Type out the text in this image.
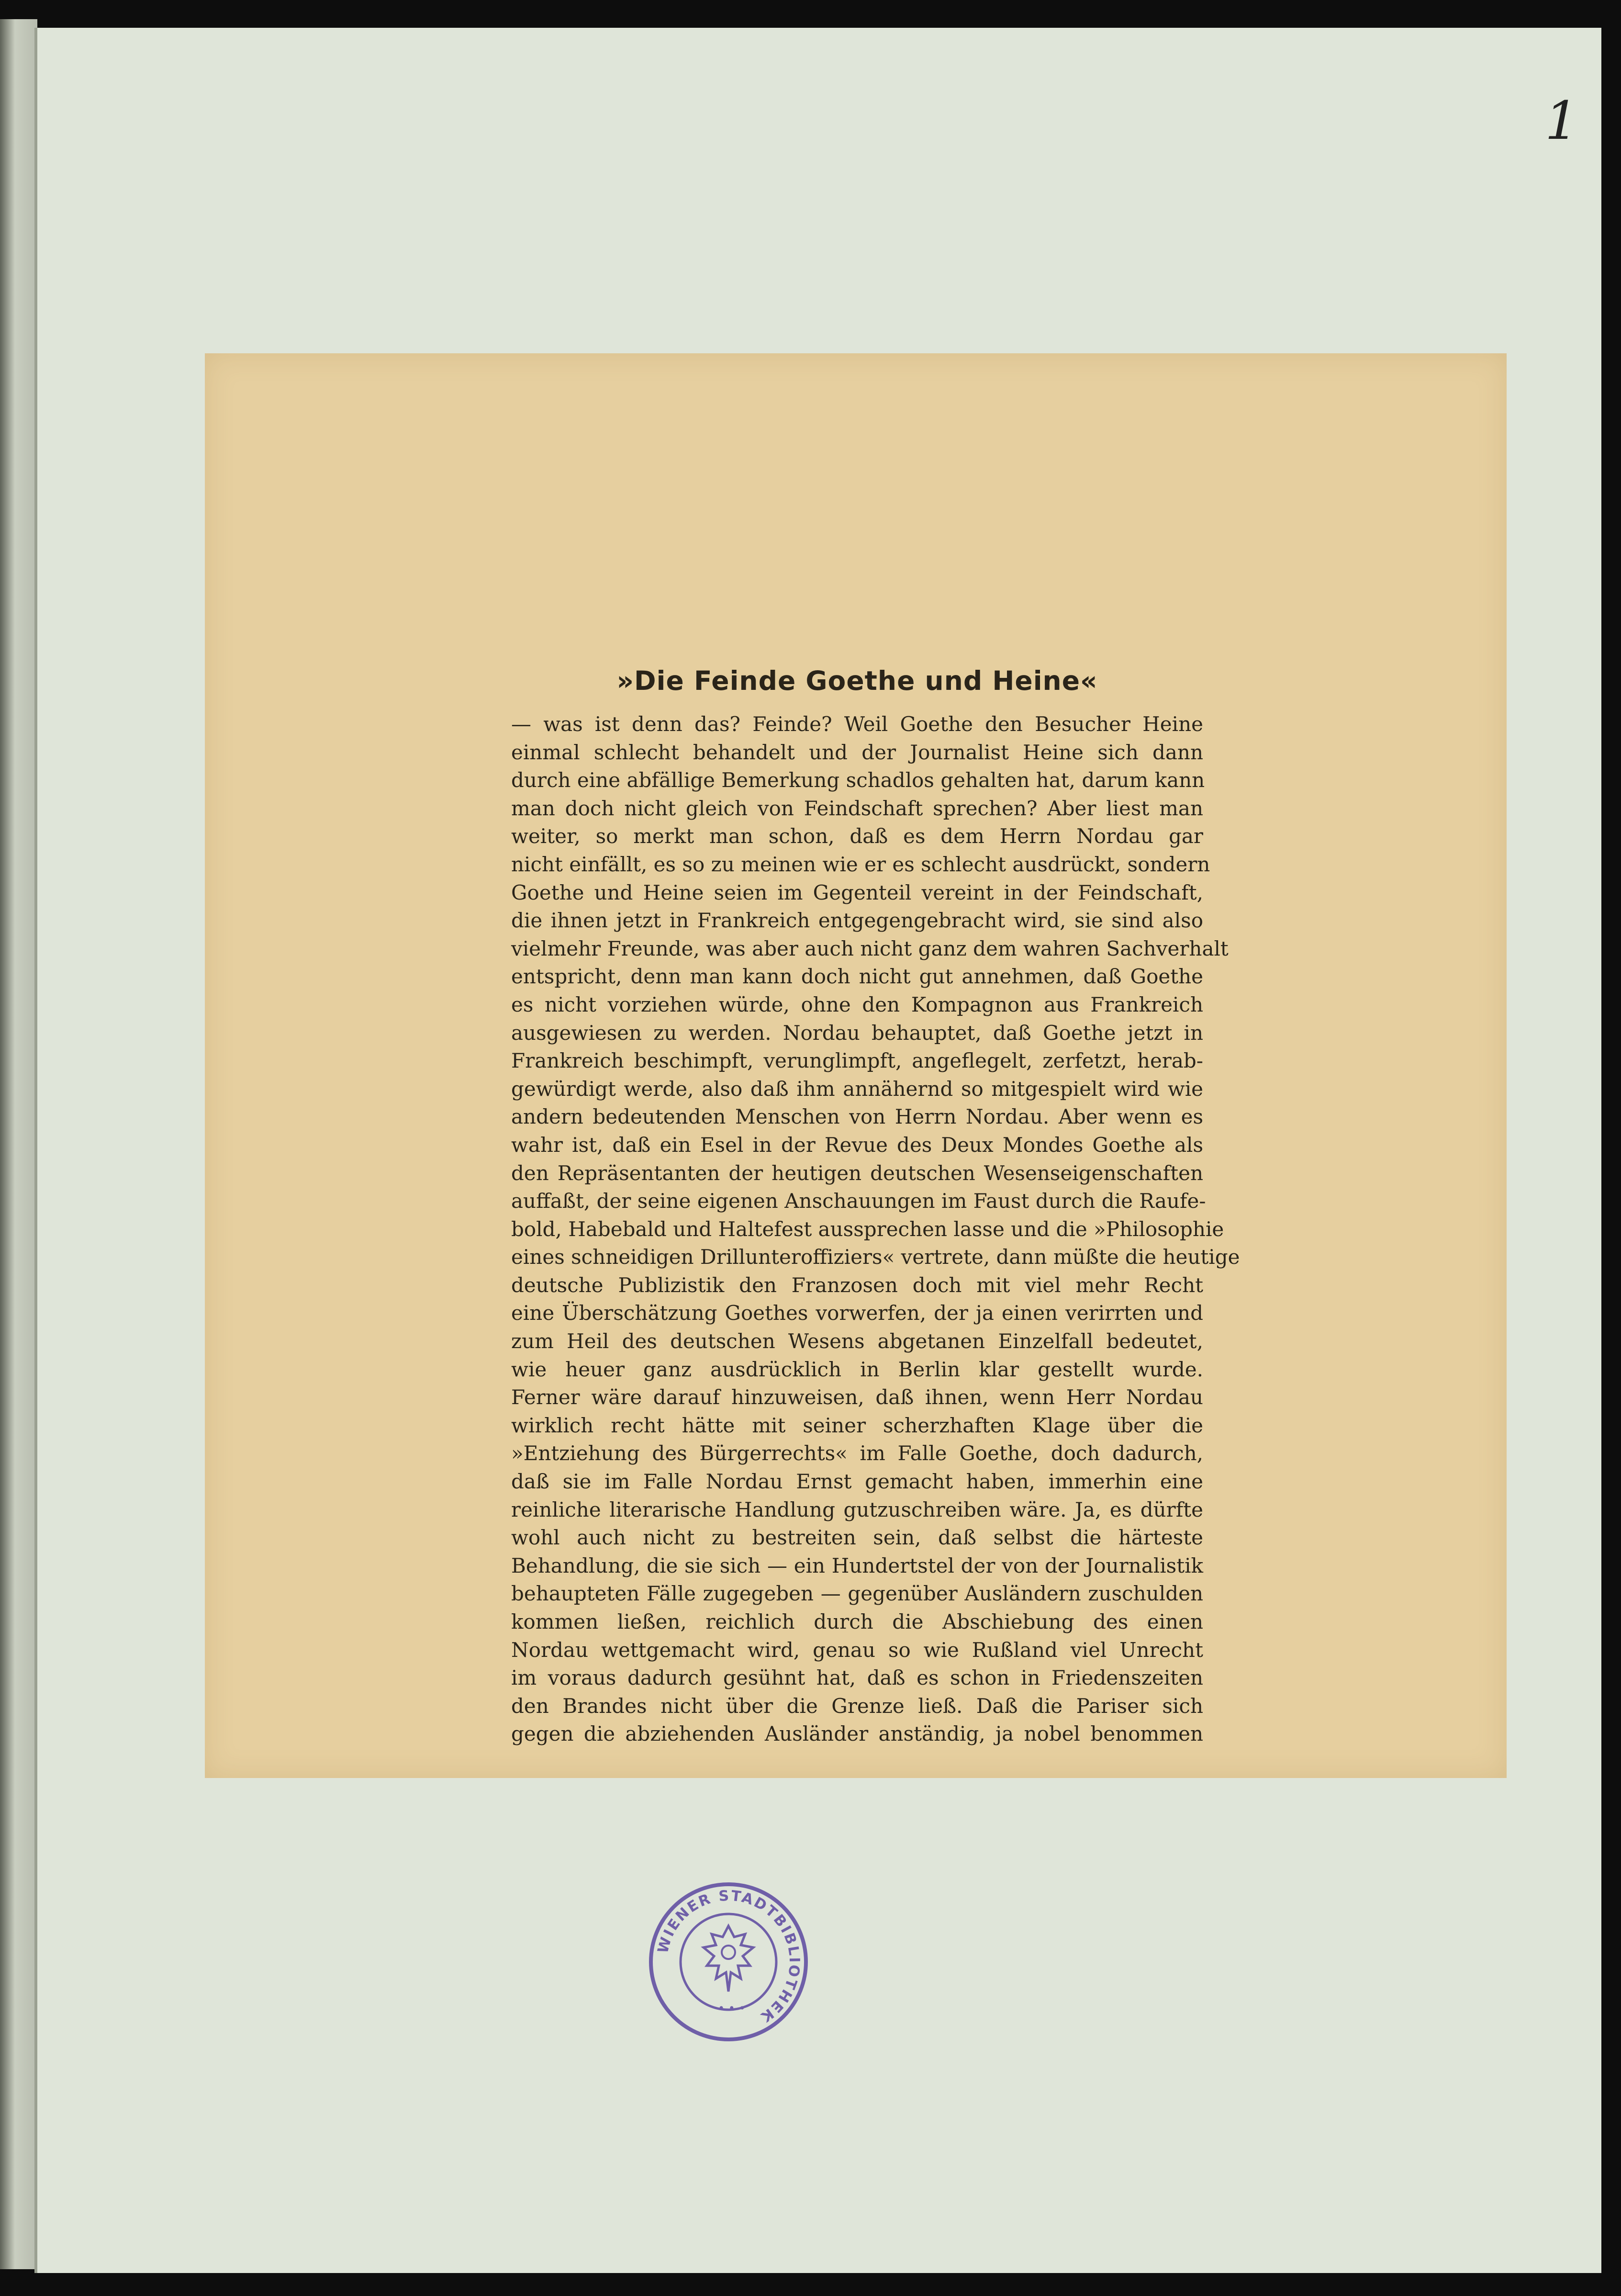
1
»Die Feinde Goethe und Heine«
— was ist denn das? Feinde? Weil Goethe den Besucher Heine
einmal schlecht behandelt und der Journalist Heine sich dann
durch eine abfällige Bemerkung schadlos gehalten hat, darum kann
man doch nicht gleich von Feindschaft sprechen? Aber liest man
weiter, so merkt man schon, daß es dem Herrn Nordau gar
nicht einfällt, es so zu meinen wie er es schlecht ausdrückt, sondern
Goethe und Heine seien im Gegenteil vereint in der Feindschaft,
die ihnen jetzt in Frankreich entgegengebracht wird, sie sind also
vielmehr Freunde, was aber auch nicht ganz dem wahren Sachverhalt
entspricht, denn man kann doch nicht gut annehmen, daß Goethe
es nicht vorziehen würde, ohne den Kompagnon aus Frankreich
ausgewiesen zu werden. Nordau behauptet, daß Goethe jetzt in
Frankreich beschimpft, verunglimpft, angeflegelt, zerfetzt, herab-
gewürdigt werde, also daß ihm annähernd so mitgespielt wird wie
andern bedeutenden Menschen von Herrn Nordau. Aber wenn es
wahr ist, daß ein Esel in der Revue des Deux Mondes Goethe als
den Repräsentanten der heutigen deutschen Wesenseigenschaften
auffaßt, der seine eigenen Anschauungen im Faust durch die Raufe-
bold, Habebald und Haltefest aussprechen lasse und die »Philosophie
eines schneidigen Drillunteroffiziers« vertrete, dann müßte die heutige
deutsche Publizistik den Franzosen doch mit viel mehr Recht
eine Überschätzung Goethes vorwerfen, der ja einen verirrten und
zum Heil des deutschen Wesens abgetanen Einzelfall bedeutet,
wie heuer ganz ausdrücklich in Berlin klar gestellt wurde.
Ferner wäre darauf hinzuweisen, daß ihnen, wenn Herr Nordau
wirklich recht hätte mit seiner scherzhaften Klage über die
»Entziehung des Bürgerrechts« im Falle Goethe, doch dadurch,
daß sie im Falle Nordau Ernst gemacht haben, immerhin eine
reinliche literarische Handlung gutzuschreiben wäre. Ja, es dürfte
wohl auch nicht zu bestreiten sein, daß selbst die härteste
Behandlung, die sie sich — ein Hundertstel der von der Journalistik
behaupteten Fälle zugegeben — gegenüber Ausländern zuschulden
kommen ließen, reichlich durch die Abschiebung des einen
Nordau wettgemacht wird, genau so wie Rußland viel Unrecht
im voraus dadurch gesühnt hat, daß es schon in Friedenszeiten
den Brandes nicht über die Grenze ließ. Daß die Pariser sich
gegen die abziehenden Ausländer anständig, ja nobel benommen
WIENER STADTBIBLIOTHEK
• • •
